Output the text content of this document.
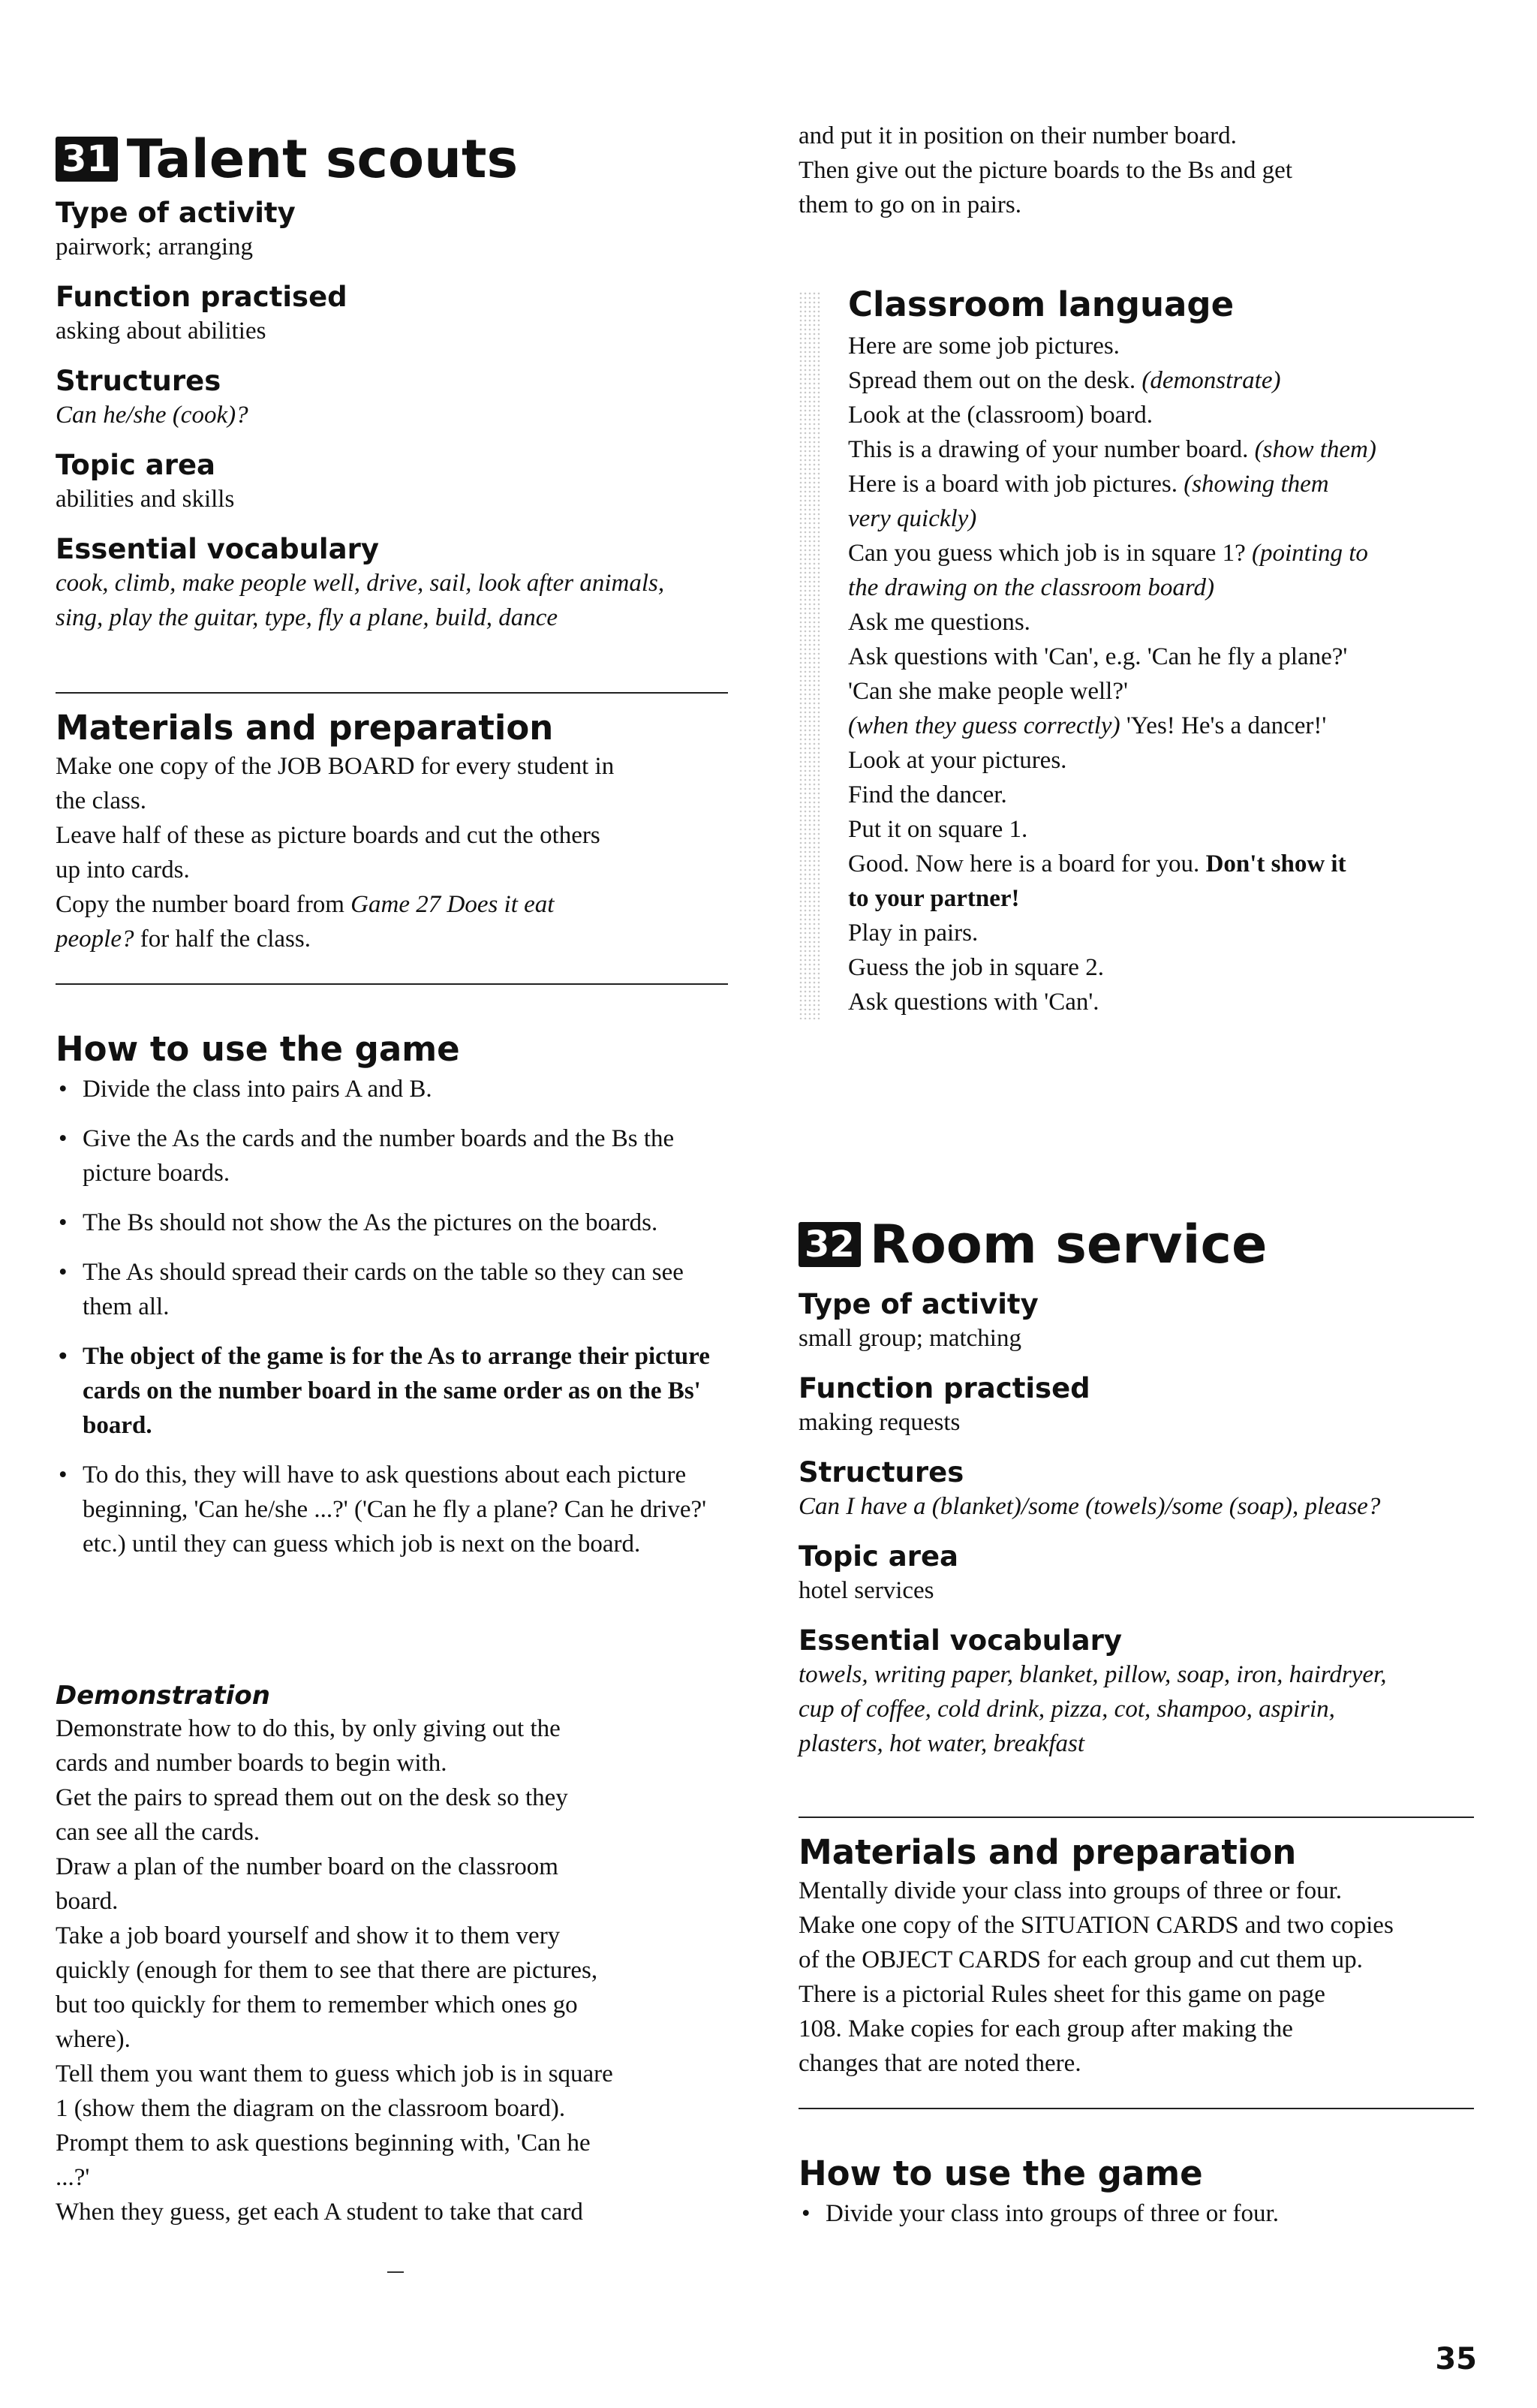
31 Talent scouts

Type of activity

pairwork; arranging

Function practised

asking about abilities

Structures

Can he/she (cook)?

Topic area

abilities and skills

Essential vocabulary

cook, climb, make people well, drive, sail, look after animals,

sing, play the guitar, type, fly a plane, build, dance

Materials and preparation

Make one copy of the JOB BOARD for every student in

the class.

Leave half of these as picture boards and cut the others

up into cards.

Copy the number board from Game 27 Does it eat

people? for half the class.

How to use the game
• Divide the class into pairs A and B.
• Give the As the cards and the number boards and the Bs the picture boards.
• The Bs should not show the As the pictures on the boards.
• The As should spread their cards on the table so they can see them all.
• The object of the game is for the As to arrange their picture cards on the number board in the same order as on the Bs' board.
• To do this, they will have to ask questions about each picture beginning, 'Can he/she ...?' ('Can he fly a plane? Can he drive?' etc.) until they can guess which job is next on the board.
Demonstration

Demonstrate how to do this, by only giving out the

cards and number boards to begin with.

Get the pairs to spread them out on the desk so they

can see all the cards.

Draw a plan of the number board on the classroom

board.

Take a job board yourself and show it to them very

quickly (enough for them to see that there are pictures,

but too quickly for them to remember which ones go

where).

Tell them you want them to guess which job is in square

1 (show them the diagram on the classroom board).

Prompt them to ask questions beginning with, 'Can he

...?'

When they guess, get each A student to take that card

and put it in position on their number board.

Then give out the picture boards to the Bs and get

them to go on in pairs.

Classroom language

Here are some job pictures.

Spread them out on the desk. (demonstrate)

Look at the (classroom) board.

This is a drawing of your number board. (show them)

Here is a board with job pictures. (showing them

very quickly)

Can you guess which job is in square 1? (pointing to

the drawing on the classroom board)

Ask me questions.

Ask questions with 'Can', e.g. 'Can he fly a plane?'

'Can she make people well?'

(when they guess correctly) 'Yes! He's a dancer!'

Look at your pictures.

Find the dancer.

Put it on square 1.

Good. Now here is a board for you. Don't show it

to your partner!

Play in pairs.

Guess the job in square 2.

Ask questions with 'Can'.

32 Room service

Type of activity

small group; matching

Function practised

making requests

Structures

Can I have a (blanket)/some (towels)/some (soap), please?

Topic area

hotel services

Essential vocabulary

towels, writing paper, blanket, pillow, soap, iron, hairdryer,

cup of coffee, cold drink, pizza, cot, shampoo, aspirin,

plasters, hot water, breakfast

Materials and preparation

Mentally divide your class into groups of three or four.

Make one copy of the SITUATION CARDS and two copies

of the OBJECT CARDS for each group and cut them up.

There is a pictorial Rules sheet for this game on page

108. Make copies for each group after making the

changes that are noted there.

How to use the game
• Divide your class into groups of three or four.
35
